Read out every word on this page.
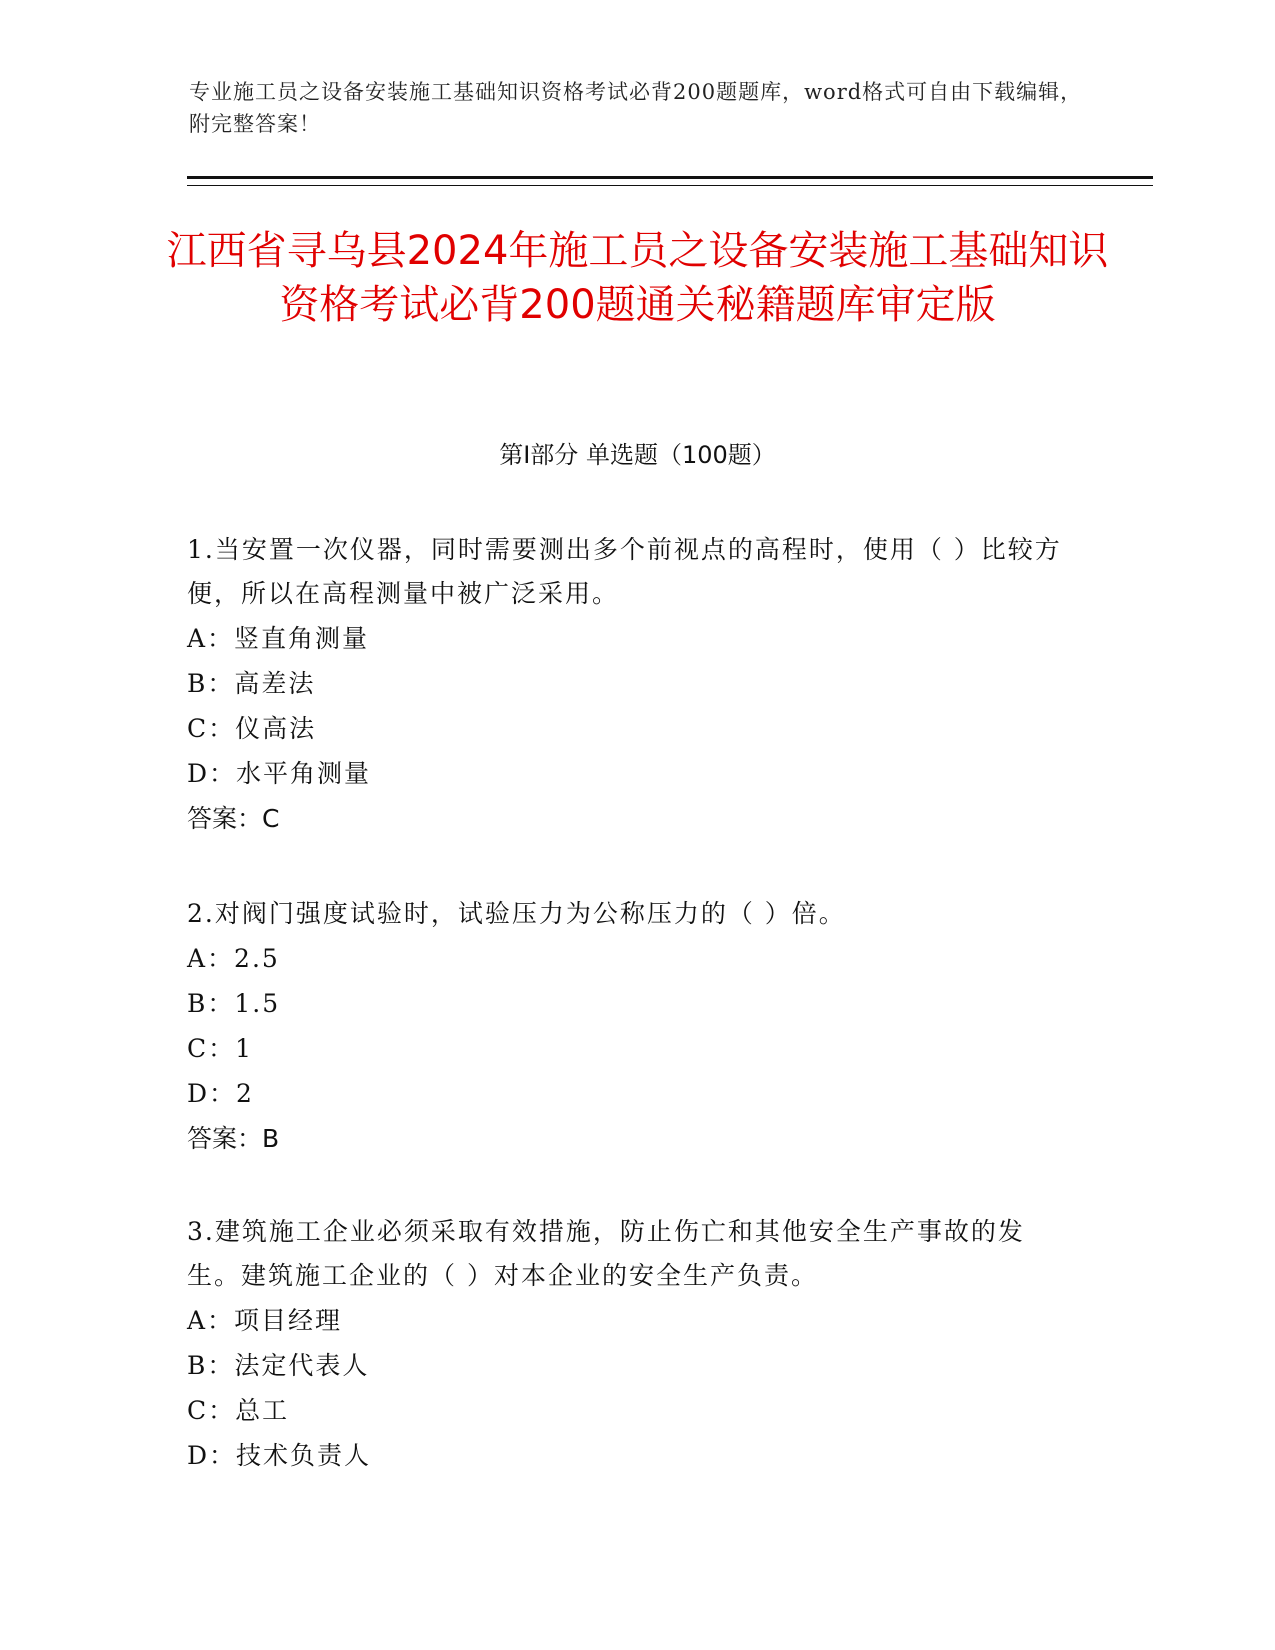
专业施工员之设备安装施工基础知识资格考试必背200题题库，word格式可自由下载编辑，附完整答案！
江西省寻乌县2024年施工员之设备安装施工基础知识资格考试必背200题通关秘籍题库审定版
第Ⅰ部分 单选题（100题）

1.当安置一次仪器，同时需要测出多个前视点的高程时，使用（ ）比较方便，所以在高程测量中被广泛采用。

A：竖直角测量
B：高差法
C：仪高法
D：水平角测量
答案：C

2.对阀门强度试验时，试验压力为公称压力的（ ）倍。

A：2.5
B：1.5
C：1
D：2
答案：B

3.建筑施工企业必须采取有效措施，防止伤亡和其他安全生产事故的发生。建筑施工企业的（ ）对本企业的安全生产负责。

A：项目经理
B：法定代表人
C：总工
D：技术负责人
